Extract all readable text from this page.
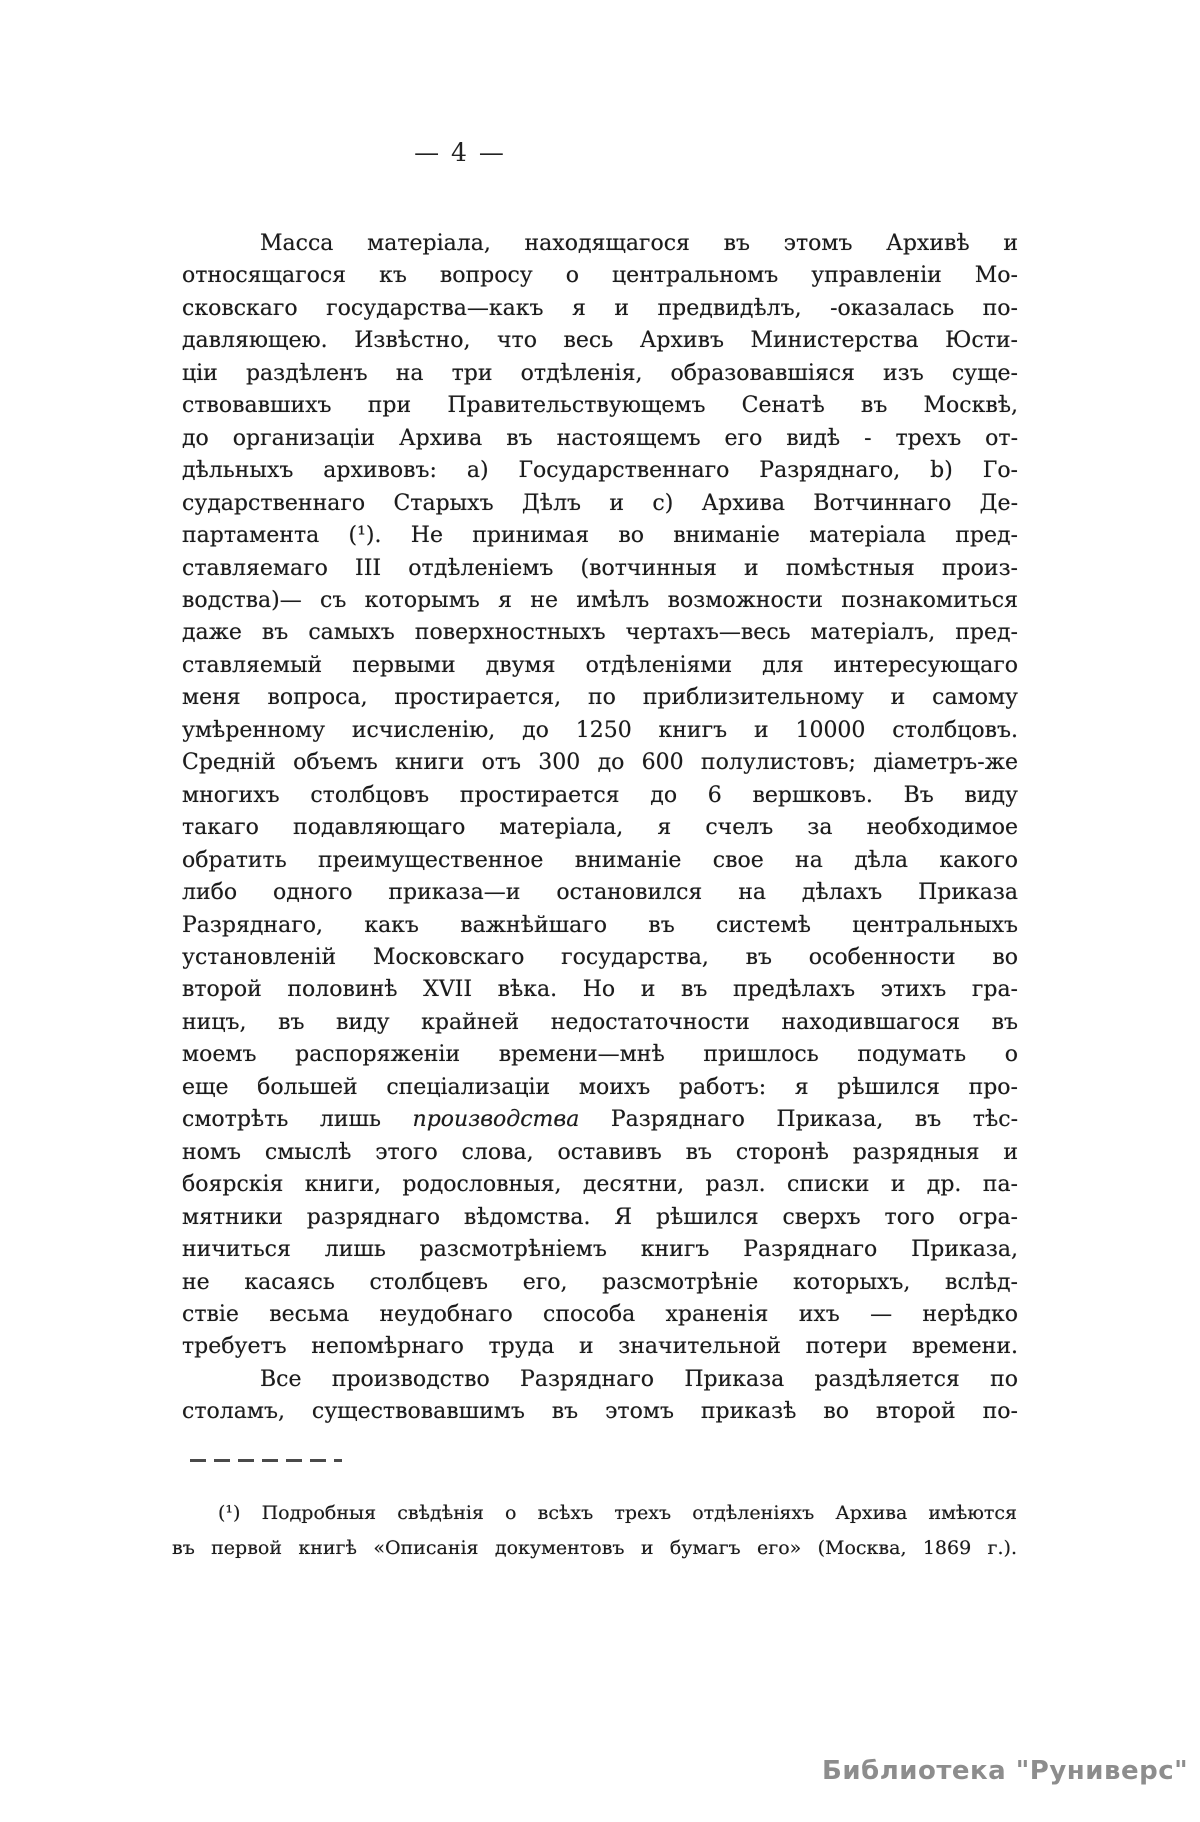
— 4 —
Масса матеріала, находящагося въ этомъ Архивѣ и
относящагося къ вопросу о центральномъ управленіи Мо-
сковскаго государства—какъ я и предвидѣлъ, -оказалась по-
давляющею. Извѣстно, что весь Архивъ Министерства Юсти-
ціи раздѣленъ на три отдѣленія, образовавшіяся изъ суще-
ствовавшихъ при Правительствующемъ Сенатѣ въ Москвѣ,
до организаціи Архива въ настоящемъ его видѣ - трехъ от-
дѣльныхъ архивовъ: а) Государственнаго Разряднаго, b) Го-
сударственнаго Старыхъ Дѣлъ и с) Архива Вотчиннаго Де-
партамента (¹). Не принимая во вниманіе матеріала пред-
ставляемаго III отдѣленіемъ (вотчинныя и помѣстныя произ-
водства)— съ которымъ я не имѣлъ возможности познакомиться
даже въ самыхъ поверхностныхъ чертахъ—весь матеріалъ, пред-
ставляемый первыми двумя отдѣленіями для интересующаго
меня вопроса, простирается, по приблизительному и самому
умѣренному исчисленію, до 1250 книгъ и 10000 столбцовъ.
Средній объемъ книги отъ 300 до 600 полулистовъ; діаметръ-же
многихъ столбцовъ простирается до 6 вершковъ. Въ виду
такаго подавляющаго матеріала, я счелъ за необходимое
обратить преимущественное вниманіе свое на дѣла какого
либо одного приказа—и остановился на дѣлахъ Приказа
Разряднаго, какъ важнѣйшаго въ системѣ центральныхъ
установленій Московскаго государства, въ особенности во
второй половинѣ XVII вѣка. Но и въ предѣлахъ этихъ гра-
ницъ, въ виду крайней недостаточности находившагося въ
моемъ распоряженіи времени—мнѣ пришлось подумать о
еще большей спеціализаціи моихъ работъ: я рѣшился про-
смотрѣть лишь производства Разряднаго Приказа, въ тѣс-
номъ смыслѣ этого слова, оставивъ въ сторонѣ разрядныя и
боярскія книги, родословныя, десятни, разл. списки и др. па-
мятники разряднаго вѣдомства. Я рѣшился сверхъ того огра-
ничиться лишь разсмотрѣніемъ книгъ Разряднаго Приказа,
не касаясь столбцевъ его, разсмотрѣніе которыхъ, вслѣд-
ствіе весьма неудобнаго способа храненія ихъ — нерѣдко
требуетъ непомѣрнаго труда и значительной потери времени.
Все производство Разряднаго Приказа раздѣляется по
столамъ, существовавшимъ въ этомъ приказѣ во второй по-
(¹) Подробныя свѣдѣнія о всѣхъ трехъ отдѣленіяхъ Архива имѣются
въ первой книгѣ «Описанія документовъ и бумагъ его» (Москва, 1869 г.).
Библиотека "Руниверс"
